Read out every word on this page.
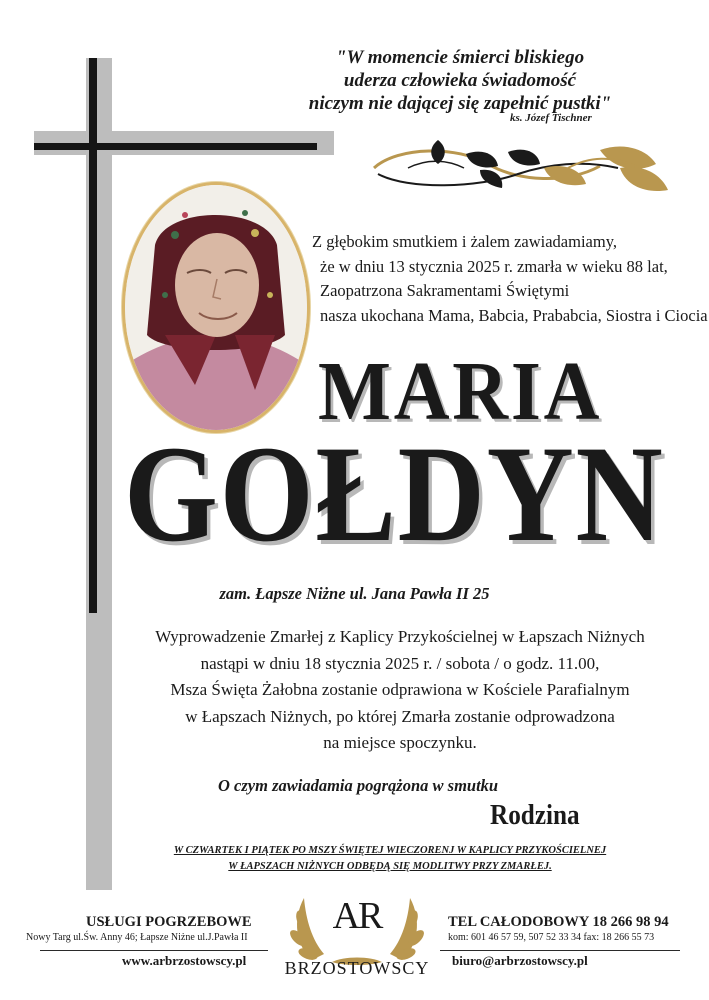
"W momencie śmierci bliskiego
uderza człowieka świadomość
niczym nie dającej się zapełnić pustki"
ks. Józef Tischner
Z głębokim smutkiem i żalem zawiadamiamy,
że w dniu 13 stycznia 2025 r. zmarła w wieku 88 lat,
Zaopatrzona Sakramentami Świętymi
nasza ukochana Mama, Babcia, Prababcia, Siostra i Ciocia
MARIA
GOŁDYN
zam. Łapsze Niżne ul. Jana Pawła II 25
Wyprowadzenie Zmarłej z Kaplicy Przykościelnej w Łapszach Niżnych
nastąpi w dniu 18 stycznia 2025 r. / sobota / o godz. 11.00,
Msza Święta Żałobna zostanie odprawiona w Kościele Parafialnym
w Łapszach Niżnych, po której Zmarła zostanie odprowadzona
na miejsce spoczynku.
O czym zawiadamia pogrążona w smutku
Rodzina
W CZWARTEK I PIĄTEK PO MSZY ŚWIĘTEJ WIECZORENJ W KAPLICY PRZYKOŚCIELNEJ
W ŁAPSZACH NIŻNYCH ODBĘDĄ SIĘ MODLITWY PRZY ZMARŁEJ.
USŁUGI POGRZEBOWE
Nowy Targ ul.Św. Anny 46; Łapsze Niżne ul.J.Pawła II
www.arbrzostowscy.pl
AR
BRZOSTOWSCY
TEL CAŁODOBOWY 18 266 98 94
kom: 601 46 57 59, 507 52 33 34 fax: 18 266 55 73
biuro@arbrzostowscy.pl
